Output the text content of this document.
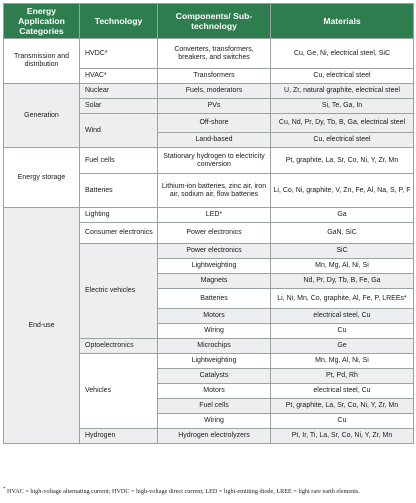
Energy Application Categories	Technology	Components/ Sub-technology	Materials
Transmission and distribution	HVDC*	Converters, transformers, breakers, and switches	Cu, Ge, Ni, electrical steel, SiC
	HVAC*	Transformers	Cu, electrical steel
Generation	Nuclear	Fuels, moderators	U, Zr, natural graphite, electrical steel
	Solar	PVs	Si, Te, Ga, In
	Wind	Off-shore	Cu, Nd, Pr, Dy, Tb, B, Ga, electrical steel
		Land-based	Cu, electrical steel
Energy storage	Fuel cells	Stationary hydrogen to electricity conversion	Pt, graphite, La, Sr, Co, Ni, Y, Zr, Mn
	Batteries	Lithium-ion batteries, zinc air, iron air, sodium air, flow batteries	Li, Co, Ni, graphite, V, Zn, Fe, Al, Na, S, P, F
End-use	Lighting	LED*	Ga
	Consumer electronics	Power electronics	GaN, SiC
	Electric vehicles	Power electronics	SiC
		Lightweighting	Mn, Mg, Al, Ni, Si
		Magnets	Nd, Pr, Dy, Tb, B, Fe, Ga
		Batteries	Li, Ni, Mn, Co, graphite, Al, Fe, P, LREEs*
		Motors	electrical steel, Cu
		Wiring	Cu
	Optoelectronics	Microchips	Ge
	Vehicles	Lightweighting	Mn, Mg, Al, Ni, Si
		Catalysts	Pt, Pd, Rh
		Motors	electrical steel, Cu
		Fuel cells	Pt, graphite, La, Sr, Co, Ni, Y, Zr, Mn
		Wiring	Cu
	Hydrogen	Hydrogen electrolyzers	Pt, Ir, Ti, La, Sr, Co, Ni, Y, Zr, Mn
* HVAC = high-voltage alternating current; HVDC = high-voltage direct current; LED = light-emitting diode, LREE = light rare earth elements.
